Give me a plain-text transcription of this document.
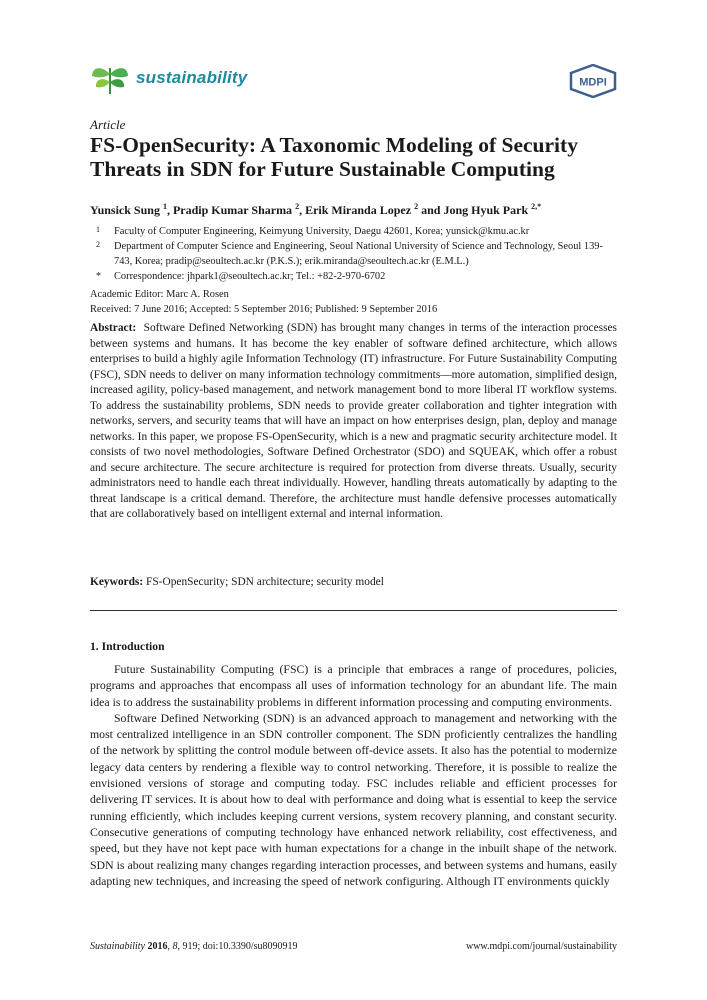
sustainability	MDPI
Article
FS-OpenSecurity: A Taxonomic Modeling of Security Threats in SDN for Future Sustainable Computing
Yunsick Sung $^1$, Pradip Kumar Sharma $^2$, Erik Miranda Lopez $^2$ and Jong Hyuk Park $^{2,*}$
1 Faculty of Computer Engineering, Keimyung University, Daegu 42601, Korea; yunsick@kmu.ac.kr
2 Department of Computer Science and Engineering, Seoul National University of Science and Technology, Seoul 139-743, Korea; pradip@seoultech.ac.kr (P.K.S.); erik.miranda@seoultech.ac.kr (E.M.L.)
* Correspondence: jhpark1@seoultech.ac.kr; Tel.: +82-2-970-6702
Academic Editor: Marc A. Rosen
Received: 7 June 2016; Accepted: 5 September 2016; Published: 9 September 2016

Abstract: Software Defined Networking (SDN) has brought many changes in terms of the interaction processes between systems and humans. It has become the key enabler of software defined architecture, which allows enterprises to build a highly agile Information Technology (IT) infrastructure. For Future Sustainability Computing (FSC), SDN needs to deliver on many information technology commitments—more automation, simplified design, increased agility, policy-based management, and network management bond to more liberal IT workflow systems. To address the sustainability problems, SDN needs to provide greater collaboration and tighter integration with networks, servers, and security teams that will have an impact on how enterprises design, plan, deploy and manage networks. In this paper, we propose FS-OpenSecurity, which is a new and pragmatic security architecture model. It consists of two novel methodologies, Software Defined Orchestrator (SDO) and SQUEAK, which offer a robust and secure architecture. The secure architecture is required for protection from diverse threats. Usually, security administrators need to handle each threat individually. However, handling threats automatically by adapting to the threat landscape is a critical demand. Therefore, the architecture must handle defensive processes automatically that are collaboratively based on intelligent external and internal information.

Keywords: FS-OpenSecurity; SDN architecture; security model
1. Introduction

Future Sustainability Computing (FSC) is a principle that embraces a range of procedures, policies, programs and approaches that encompass all uses of information technology for an abundant life. The main idea is to address the sustainability problems in different information processing and computing environments.

Software Defined Networking (SDN) is an advanced approach to management and networking with the most centralized intelligence in an SDN controller component. The SDN proficiently centralizes the handling of the network by splitting the control module between off-device assets. It also has the potential to modernize legacy data centers by rendering a flexible way to control networking. Therefore, it is possible to realize the envisioned versions of storage and computing today. FSC includes reliable and efficient processes for delivering IT services. It is about how to deal with performance and doing what is essential to keep the service running efficiently, which includes keeping current versions, system recovery planning, and constant security. Consecutive generations of computing technology have enhanced network reliability, cost effectiveness, and speed, but they have not kept pace with human expectations for a change in the inbuilt shape of the network. SDN is about realizing many changes regarding interaction processes, and between systems and humans, easily adapting new techniques, and increasing the speed of network configuring. Although IT environments quickly

Sustainability 2016, 8, 919; doi:10.3390/su8090919	www.mdpi.com/journal/sustainability
